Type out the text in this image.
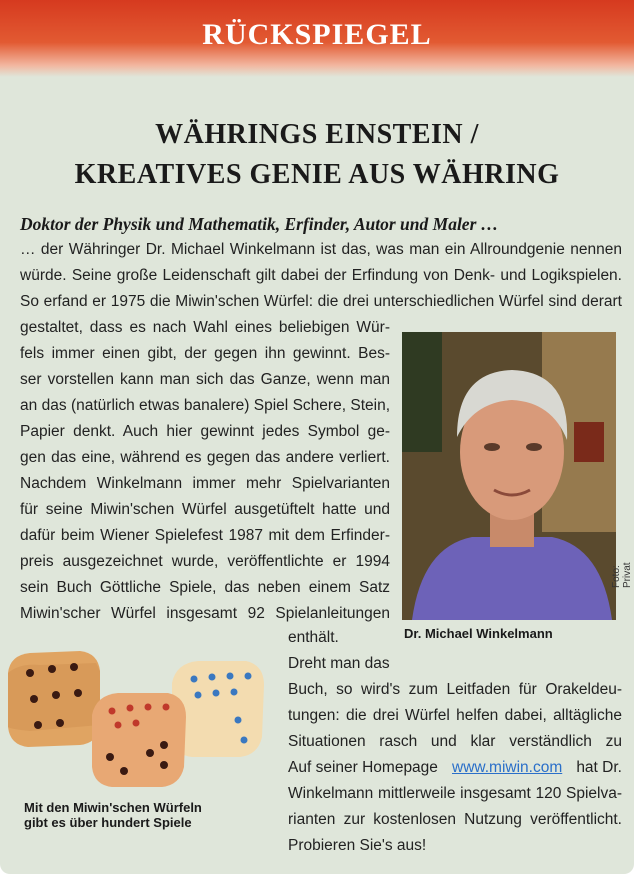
RÜCKSPIEGEL
WÄHRINGS EINSTEIN /
KREATIVES GENIE AUS WÄHRING
Doktor der Physik und Mathematik, Erfinder, Autor und Maler …
… der Währinger Dr. Michael Winkelmann ist das, was man ein Allroundgenie nennen
würde. Seine große Leidenschaft gilt dabei der Erfindung von Denk- und Logikspielen.
So erfand er 1975 die Miwin'schen Würfel: die drei unterschiedlichen Würfel sind derart
gestaltet, dass es nach Wahl eines beliebigen Wür-
fels immer einen gibt, der gegen ihn gewinnt. Bes-
ser vorstellen kann man sich das Ganze, wenn man
an das (natürlich etwas banalere) Spiel Schere, Stein,
Papier denkt. Auch hier gewinnt jedes Symbol ge-
gen das eine, während es gegen das andere verliert.
Nachdem Winkelmann immer mehr Spielvarianten
für seine Miwin'schen Würfel ausgetüftelt hatte und
dafür beim Wiener Spielefest 1987 mit dem Erfinder-
preis ausgezeichnet wurde, veröffentlichte er 1994
sein Buch Göttliche Spiele, das neben einem Satz
Miwin'scher Würfel insgesamt 92 Spielanleitungen
enthält.
Dreht man das
Buch, so wird's zum Leitfaden für Orakeldeu-
tungen: die drei Würfel helfen dabei, alltägliche
Situationen rasch und klar verständlich zu
Auf seiner Homepage www.miwin.com hat Dr.
Winkelmann mittlerweile insgesamt 120 Spielva-
rianten zur kostenlosen Nutzung veröffentlicht.
Probieren Sie's aus!
Dr. Michael Winkelmann
Foto: Privat
Mit den Miwin'schen Würfeln
gibt es über hundert Spiele
